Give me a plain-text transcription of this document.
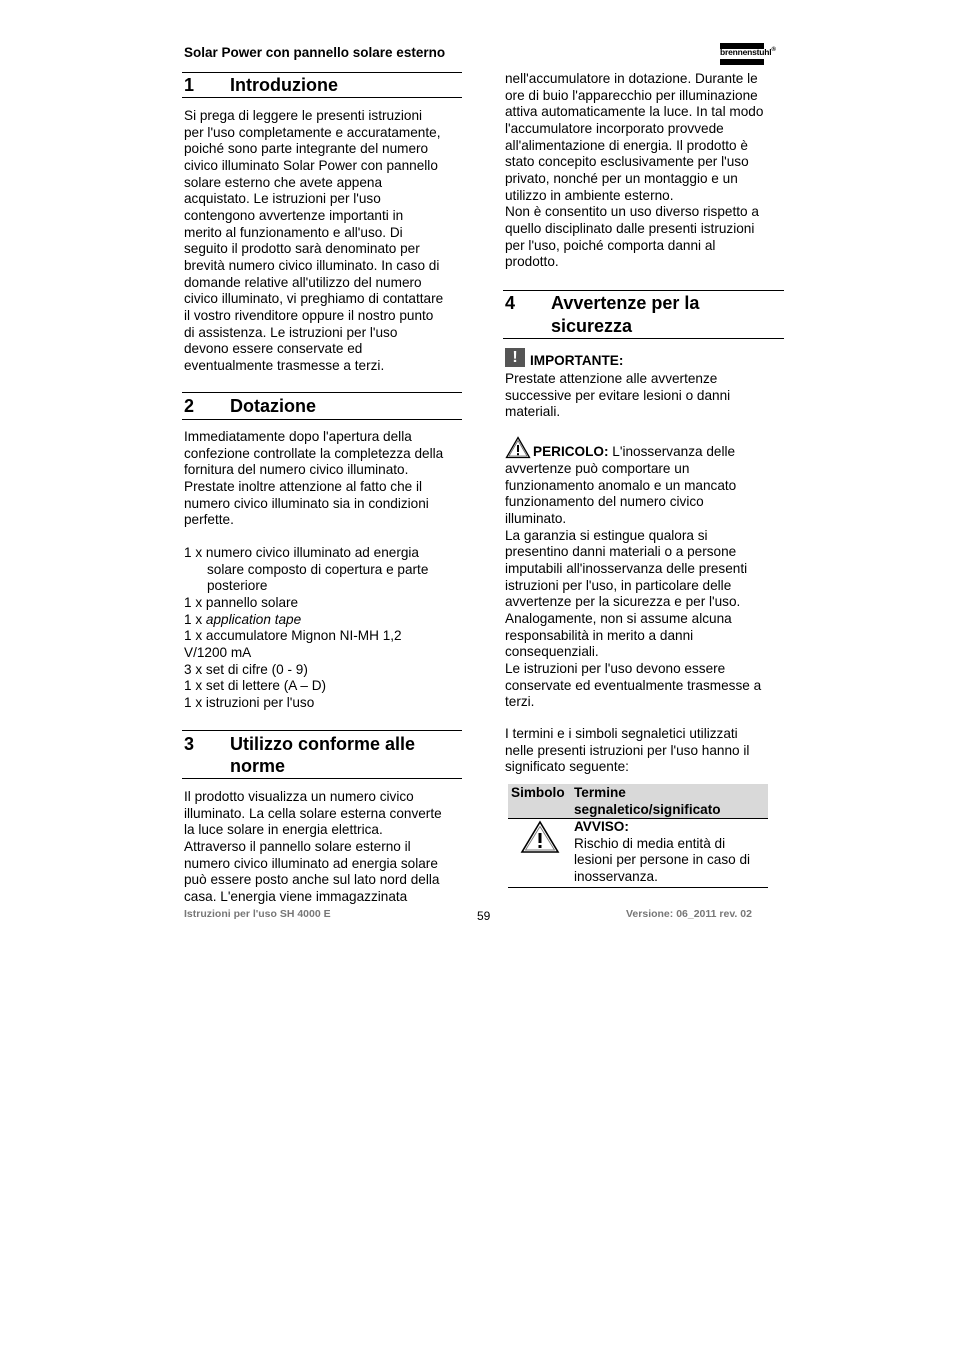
Solar Power con pannello solare esterno	brennenstuhl®
1 Introduzione
Si prega di leggere le presenti istruzioni
per l'uso completamente e accuratamente,
poiché sono parte integrante del numero
civico illuminato Solar Power con pannello
solare esterno che avete appena
acquistato. Le istruzioni per l'uso
contengono avvertenze importanti in
merito al funzionamento e all'uso. Di
seguito il prodotto sarà denominato per
brevità numero civico illuminato. In caso di
domande relative all'utilizzo del numero
civico illuminato, vi preghiamo di contattare
il vostro rivenditore oppure il nostro punto
di assistenza. Le istruzioni per l'uso
devono essere conservate ed
eventualmente trasmesse a terzi.
2 Dotazione
Immediatamente dopo l'apertura della
confezione controllate la completezza della
fornitura del numero civico illuminato.
Prestate inoltre attenzione al fatto che il
numero civico illuminato sia in condizioni
perfette.
1 x numero civico illuminato ad energia
solare composto di copertura e parte
posteriore
1 x pannello solare
1 x application tape
1 x accumulatore Mignon NI-MH 1,2
V/1200 mA
3 x set di cifre (0 - 9)
1 x set di lettere (A – D)
1 x istruzioni per l'uso
3 Utilizzo conforme alle
norme
Il prodotto visualizza un numero civico
illuminato. La cella solare esterna converte
la luce solare in energia elettrica.
Attraverso il pannello solare esterno il
numero civico illuminato ad energia solare
può essere posto anche sul lato nord della
casa. L'energia viene immagazzinata
nell'accumulatore in dotazione. Durante le
ore di buio l'apparecchio per illuminazione
attiva automaticamente la luce. In tal modo
l'accumulatore incorporato provvede
all'alimentazione di energia. Il prodotto è
stato concepito esclusivamente per l'uso
privato, nonché per un montaggio e un
utilizzo in ambiente esterno.
Non è consentito un uso diverso rispetto a
quello disciplinato dalle presenti istruzioni
per l'uso, poiché comporta danni al
prodotto.
4 Avvertenze per la
sicurezza
! IMPORTANTE:
Prestate attenzione alle avvertenze
successive per evitare lesioni o danni
materiali.
PERICOLO: L'inosservanza delle
avvertenze può comportare un
funzionamento anomalo e un mancato
funzionamento del numero civico
illuminato.
La garanzia si estingue qualora si
presentino danni materiali o a persone
imputabili all'inosservanza delle presenti
istruzioni per l'uso, in particolare delle
avvertenze per la sicurezza e per l'uso.
Analogamente, non si assume alcuna
responsabilità in merito a danni
consequenziali.
Le istruzioni per l'uso devono essere
conservate ed eventualmente trasmesse a
terzi.
I termini e i simboli segnaletici utilizzati
nelle presenti istruzioni per l'uso hanno il
significato seguente:
Simbolo Termine
segnaletico/significato
AVVISO:
Rischio di media entità di
lesioni per persone in caso di
inosservanza.
Istruzioni per l'uso SH 4000 E	59	Versione: 06_2011 rev. 02
